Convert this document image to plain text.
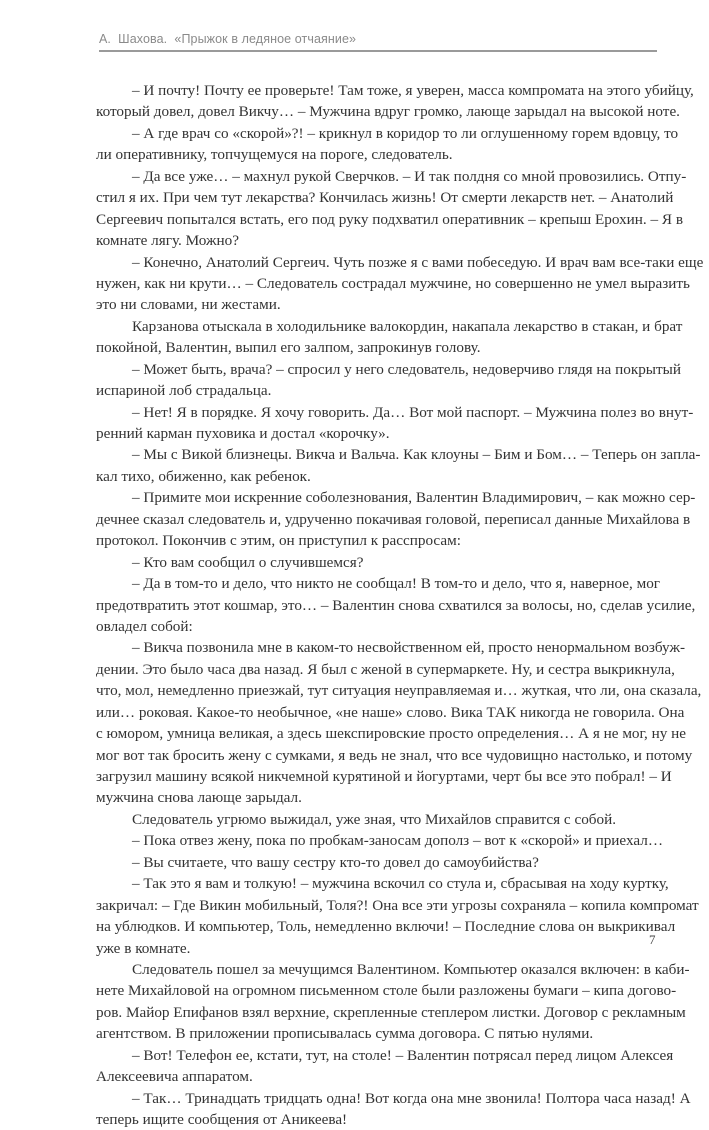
А.  Шахова.  «Прыжок в ледяное отчаяние»
– И почту! Почту ее проверьте! Там тоже, я уверен, масса компромата на этого убийцу,
который довел, довел Викчу… – Мужчина вдруг громко, лающе зарыдал на высокой ноте.
– А где врач со «скорой»?! – крикнул в коридор то ли оглушенному горем вдовцу, то
ли оперативнику, топчущемуся на пороге, следователь.
– Да все уже… – махнул рукой Сверчков. – И так полдня со мной провозились. Отпу-
стил я их. При чем тут лекарства? Кончилась жизнь! От смерти лекарств нет. – Анатолий
Сергеевич попытался встать, его под руку подхватил оперативник – крепыш Ерохин. – Я в
комнате лягу. Можно?
– Конечно, Анатолий Сергеич. Чуть позже я с вами побеседую. И врач вам все-таки еще
нужен, как ни крути… – Следователь сострадал мужчине, но совершенно не умел выразить
это ни словами, ни жестами.
Карзанова отыскала в холодильнике валокордин, накапала лекарство в стакан, и брат
покойной, Валентин, выпил его залпом, запрокинув голову.
– Может быть, врача? – спросил у него следователь, недоверчиво глядя на покрытый
испариной лоб страдальца.
– Нет! Я в порядке. Я хочу говорить. Да… Вот мой паспорт. – Мужчина полез во внут-
ренний карман пуховика и достал «корочку».
– Мы с Викой близнецы. Викча и Вальча. Как клоуны – Бим и Бом… – Теперь он запла-
кал тихо, обиженно, как ребенок.
– Примите мои искренние соболезнования, Валентин Владимирович, – как можно сер-
дечнее сказал следователь и, удрученно покачивая головой, переписал данные Михайлова в
протокол. Покончив с этим, он приступил к расспросам:
– Кто вам сообщил о случившемся?
– Да в том-то и дело, что никто не сообщал! В том-то и дело, что я, наверное, мог
предотвратить этот кошмар, это… – Валентин снова схватился за волосы, но, сделав усилие,
овладел собой:
– Викча позвонила мне в каком-то несвойственном ей, просто ненормальном возбуж-
дении. Это было часа два назад. Я был с женой в супермаркете. Ну, и сестра выкрикнула,
что, мол, немедленно приезжай, тут ситуация неуправляемая и… жуткая, что ли, она сказала,
или… роковая. Какое-то необычное, «не наше» слово. Вика ТАК никогда не говорила. Она
с юмором, умница великая, а здесь шекспировские просто определения… А я не мог, ну не
мог вот так бросить жену с сумками, я ведь не знал, что все чудовищно настолько, и потому
загрузил машину всякой никчемной курятиной и йогуртами, черт бы все это побрал! – И
мужчина снова лающе зарыдал.
Следователь угрюмо выжидал, уже зная, что Михайлов справится с собой.
– Пока отвез жену, пока по пробкам-заносам дополз – вот к «скорой» и приехал…
– Вы считаете, что вашу сестру кто-то довел до самоубийства?
– Так это я вам и толкую! – мужчина вскочил со стула и, сбрасывая на ходу куртку,
закричал: – Где Викин мобильный, Толя?! Она все эти угрозы сохраняла – копила компромат
на ублюдков. И компьютер, Толь, немедленно включи! – Последние слова он выкрикивал
уже в комнате.
Следователь пошел за мечущимся Валентином. Компьютер оказался включен: в каби-
нете Михайловой на огромном письменном столе были разложены бумаги – кипа догово-
ров. Майор Епифанов взял верхние, скрепленные степлером листки. Договор с рекламным
агентством. В приложении прописывалась сумма договора. С пятью нулями.
– Вот! Телефон ее, кстати, тут, на столе! – Валентин потрясал перед лицом Алексея
Алексеевича аппаратом.
– Так… Тринадцать тридцать одна! Вот когда она мне звонила! Полтора часа назад! А
теперь ищите сообщения от Аникеева!
7
